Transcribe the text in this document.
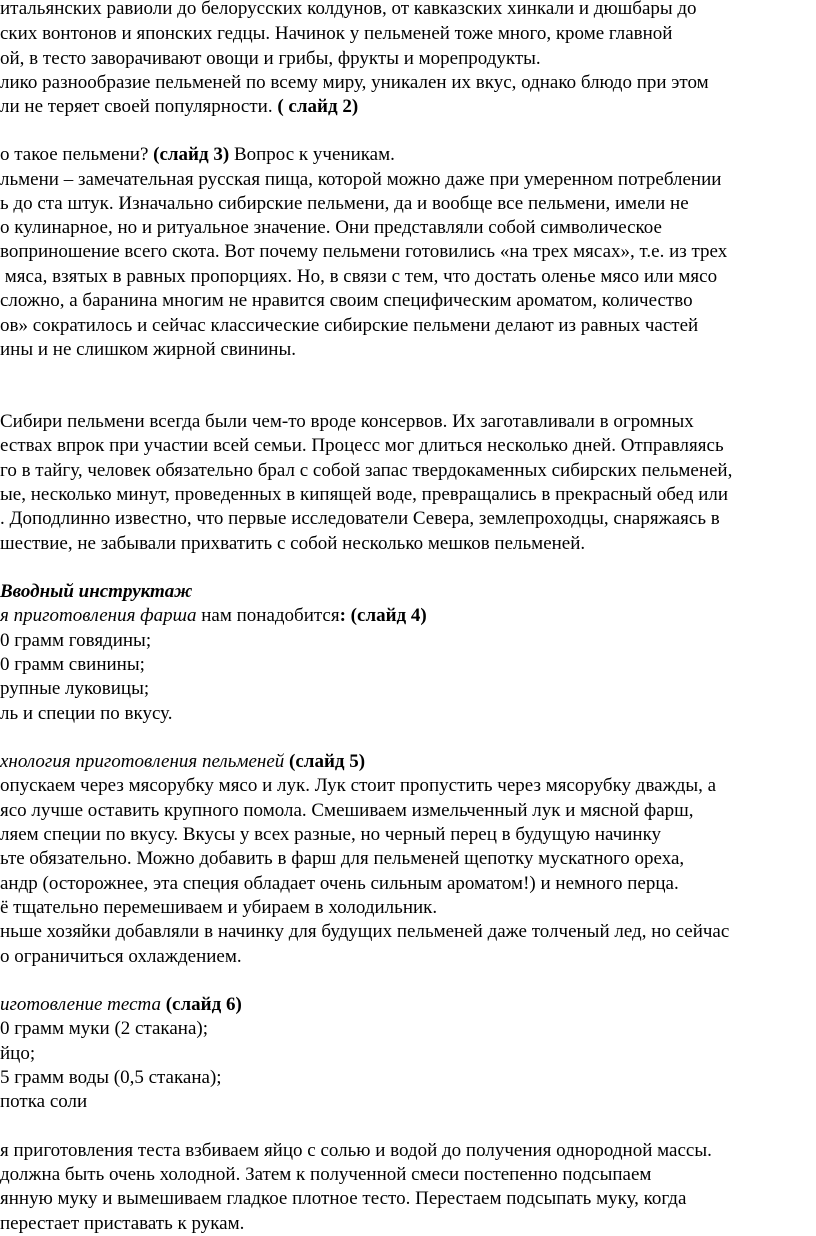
итальянских равиоли до белорусских колдунов, от кавказских хинкали и дюшбары до
ских вонтонов и японских гедцы. Начинок у пельменей тоже много, кроме главной
ой, в тесто заворачивают овощи и грибы, фрукты и морепродукты.
лико разнообразие пельменей по всему миру, уникален их вкус, однако блюдо при этом
ли не теряет своей популярности. ( слайд 2)
о такое пельмени? (слайд 3) Вопрос к ученикам.
льмени – замечательная русская пища, которой можно даже при умеренном потреблении
ь до ста штук. Изначально сибирские пельмени, да и вообще все пельмени, имели не
о кулинарное, но и ритуальное значение. Они представляли собой символическое
воприношение всего скота. Вот почему пельмени готовились «на трех мясах», т.е. из трех
мяса, взятых в равных пропорциях. Но, в связи с тем, что достать оленье мясо или мясо
сложно, а баранина многим не нравится своим специфическим ароматом, количество
ов» сократилось и сейчас классические сибирские пельмени делают из равных частей
ины и не слишком жирной свинины.
Сибири пельмени всегда были чем-то вроде консервов. Их заготавливали в огромных
ествах впрок при участии всей семьи. Процесс мог длиться несколько дней. Отправляясь
го в тайгу, человек обязательно брал с собой запас твердокаменных сибирских пельменей,
ые, несколько минут, проведенных в кипящей воде, превращались в прекрасный обед или
. Доподлинно известно, что первые исследователи Севера, землепроходцы, снаряжаясь в
шествие, не забывали прихватить с собой несколько мешков пельменей.
Вводный инструктаж
я приготовления фарша нам понадобится: (слайд 4)
0 грамм говядины;
0 грамм свинины;
рупные луковицы;
ль и специи по вкусу.
хнология приготовления пельменей (слайд 5)
опускаем через мясорубку мясо и лук. Лук стоит пропустить через мясорубку дважды, а
ясо лучше оставить крупного помола. Смешиваем измельченный лук и мясной фарш,
ляем специи по вкусу. Вкусы у всех разные, но черный перец в будущую начинку
ьте обязательно. Можно добавить в фарш для пельменей щепотку мускатного ореха,
андр (осторожнее, эта специя обладает очень сильным ароматом!) и немного перца.
ё тщательно перемешиваем и убираем в холодильник.
ньше хозяйки добавляли в начинку для будущих пельменей даже толченый лед, но сейчас
о ограничиться охлаждением.
иготовление теста (слайд 6)
0 грамм муки (2 стакана);
йцо;
5 грамм воды (0,5 стакана);
потка соли
я приготовления теста взбиваем яйцо с солью и водой до получения однородной массы.
должна быть очень холодной. Затем к полученной смеси постепенно подсыпаем
янную муку и вымешиваем гладкое плотное тесто. Перестаем подсыпать муку, когда
перестает приставать к рукам.
